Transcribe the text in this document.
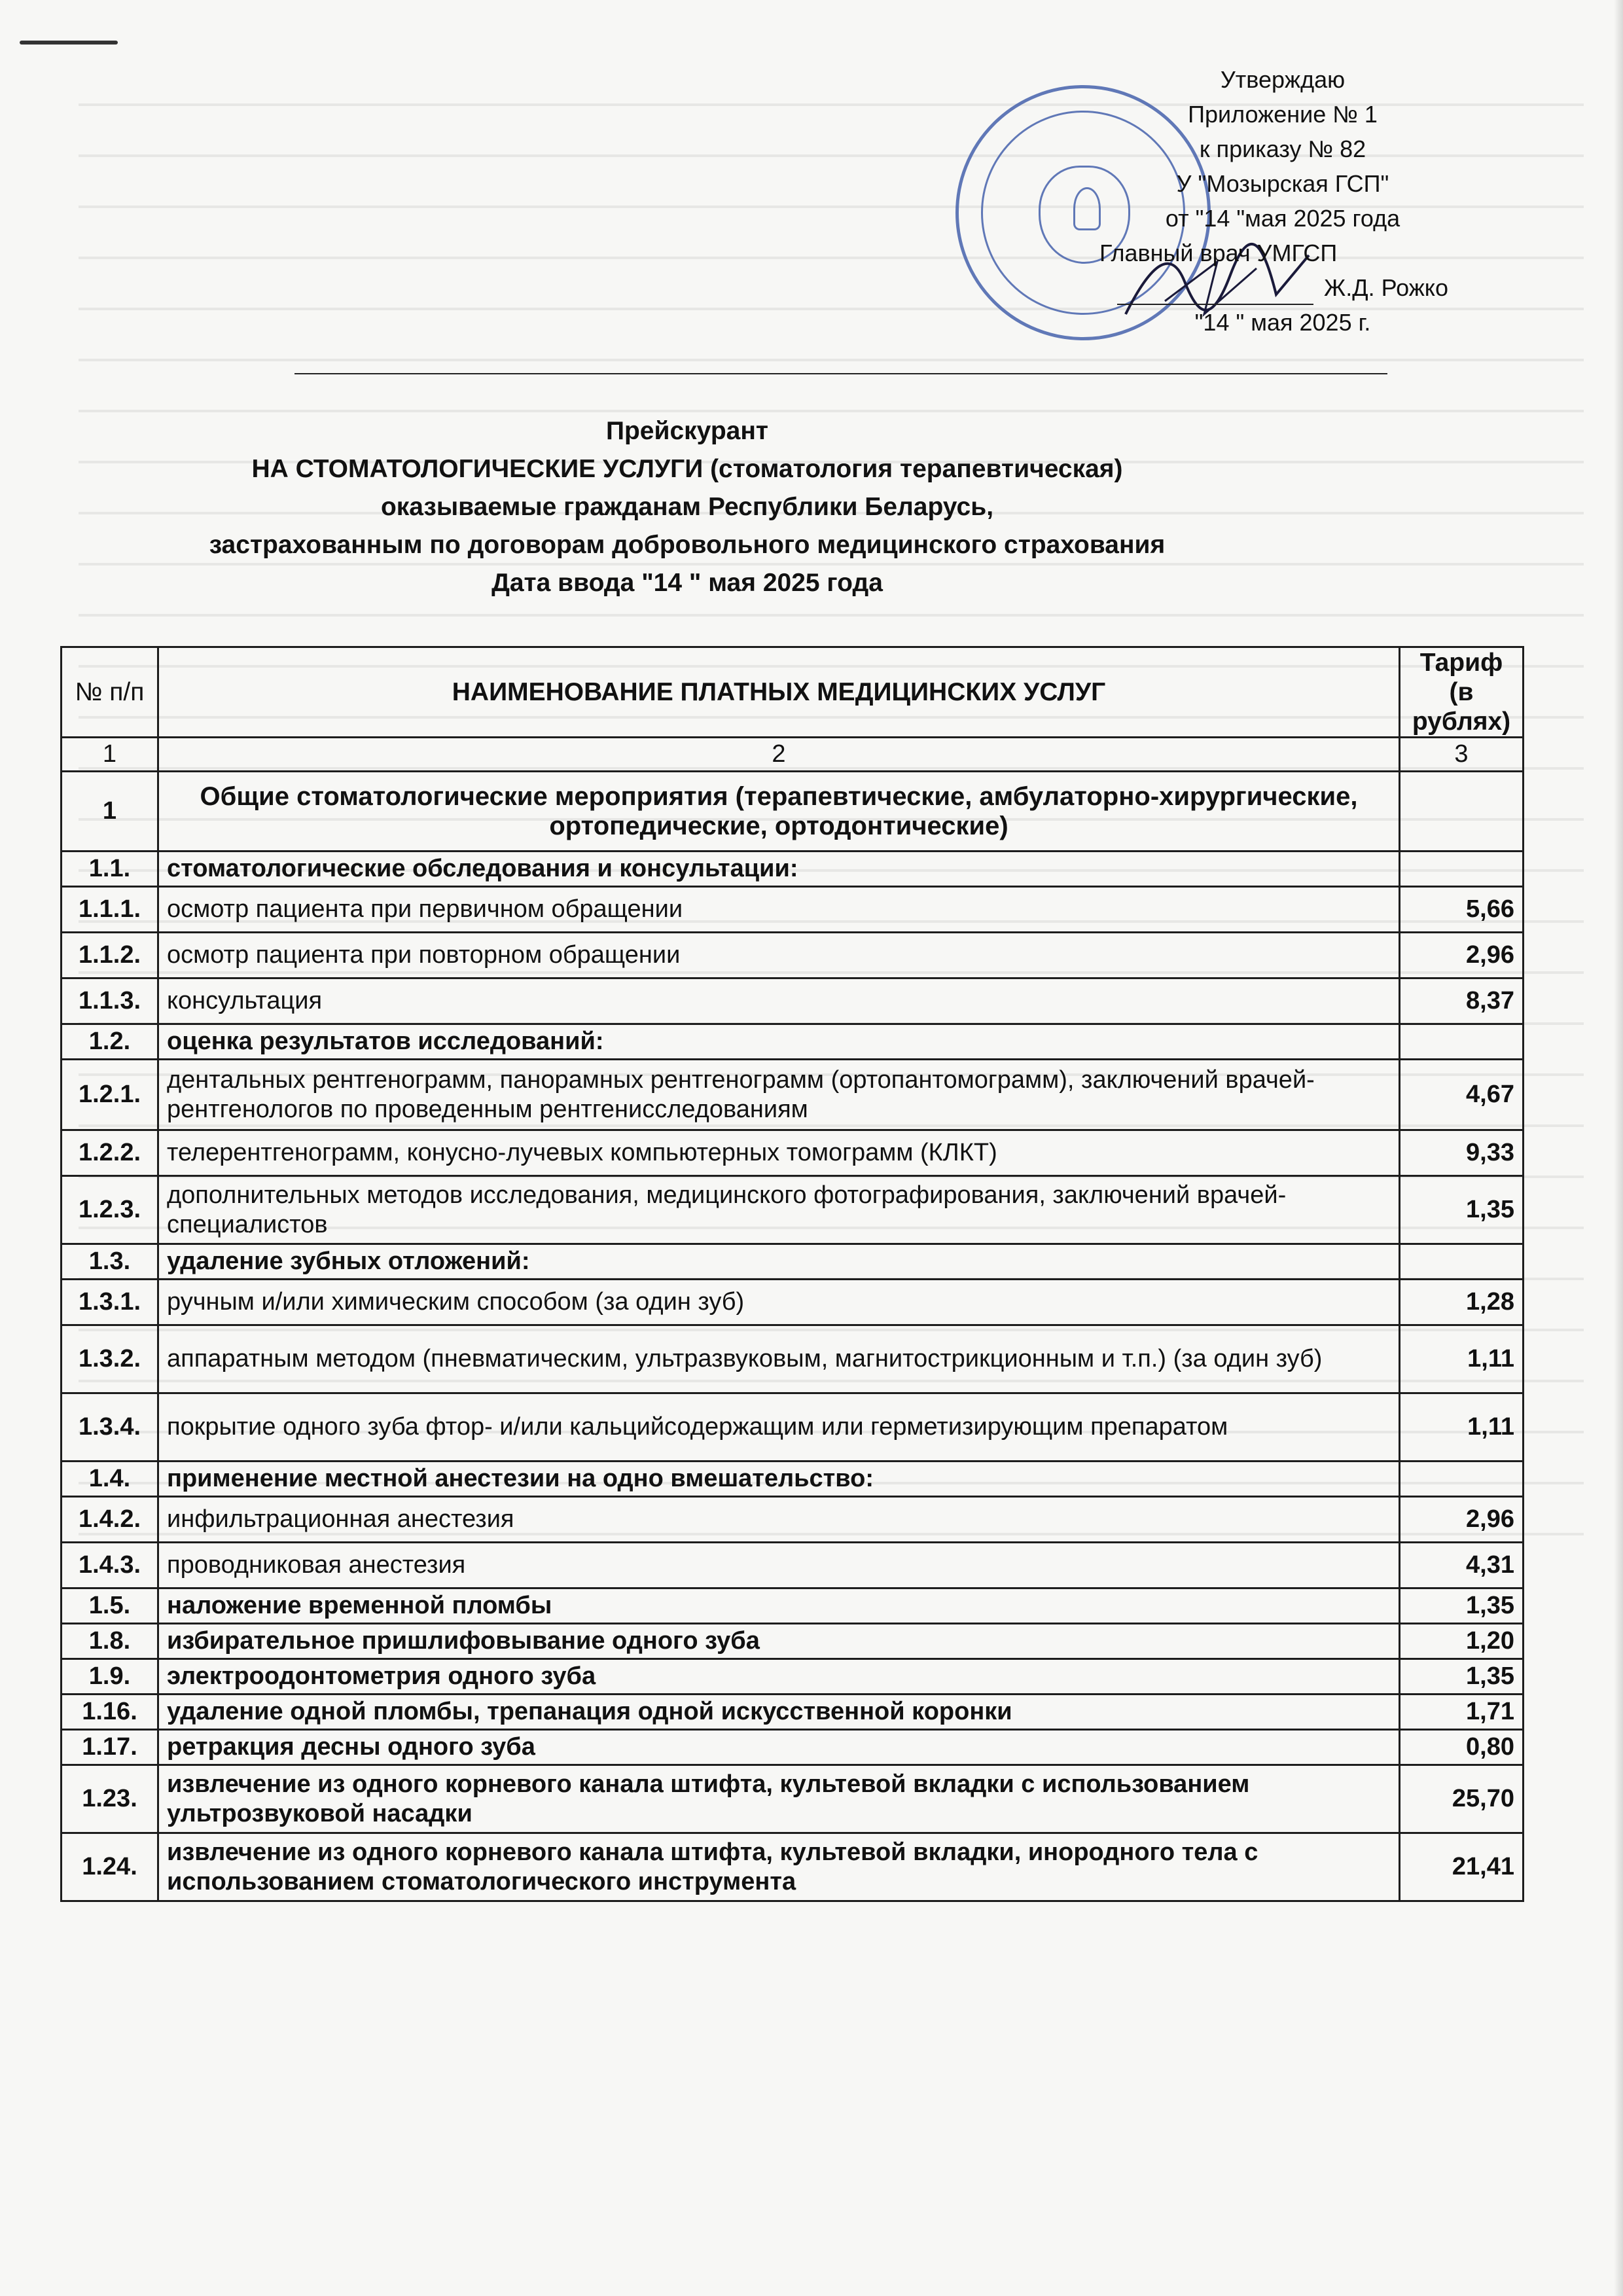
Утверждаю
Приложение № 1
к приказу № 82
У "Мозырская ГСП"
от "14 "мая 2025 года
Главный врач УМГСП
Ж.Д. Рожко
"14 " мая 2025 г.
Прейскурант
НА СТОМАТОЛОГИЧЕСКИЕ УСЛУГИ (стоматология терапевтическая)
оказываемые гражданам Республики Беларусь,
застрахованным по договорам добровольного медицинского страхования
Дата ввода "14 " мая 2025 года
№ п/п	НАИМЕНОВАНИЕ ПЛАТНЫХ МЕДИЦИНСКИХ УСЛУГ	Тариф
(в рублях)
1	2	3
1	Общие стоматологические мероприятия (терапевтические, амбулаторно-хирургические, ортопедические, ортодонтические)	
1.1.	стоматологические обследования и консультации:	
1.1.1.	осмотр пациента при первичном обращении	5,66
1.1.2.	осмотр пациента при повторном обращении	2,96
1.1.3.	консультация	8,37
1.2.	оценка результатов исследований:	
1.2.1.	дентальных рентгенограмм, панорамных рентгенограмм (ортопантомограмм), заключений врачей-рентгенологов по проведенным рентгенисследованиям	4,67
1.2.2.	телерентгенограмм, конусно-лучевых компьютерных томограмм (КЛКТ)	9,33
1.2.3.	дополнительных методов исследования, медицинского фотографирования, заключений врачей-специалистов	1,35
1.3.	удаление зубных отложений:	
1.3.1.	ручным и/или химическим способом (за один зуб)	1,28
1.3.2.	аппаратным методом (пневматическим, ультразвуковым, магнитострикционным и т.п.) (за один зуб)	1,11
1.3.4.	покрытие одного зуба фтор- и/или кальцийсодержащим или герметизирующим препаратом	1,11
1.4.	применение местной анестезии на одно вмешательство:	
1.4.2.	инфильтрационная анестезия	2,96
1.4.3.	проводниковая анестезия	4,31
1.5.	наложение временной пломбы	1,35
1.8.	избирательное пришлифовывание одного зуба	1,20
1.9.	электроодонтометрия одного зуба	1,35
1.16.	удаление одной пломбы, трепанация одной искусственной коронки	1,71
1.17.	ретракция десны одного зуба	0,80
1.23.	извлечение из одного корневого канала штифта, культевой вкладки с использованием ультрозвуковой насадки	25,70
1.24.	извлечение из одного корневого канала штифта, культевой вкладки, инородного тела с использованием стоматологического инструмента	21,41
